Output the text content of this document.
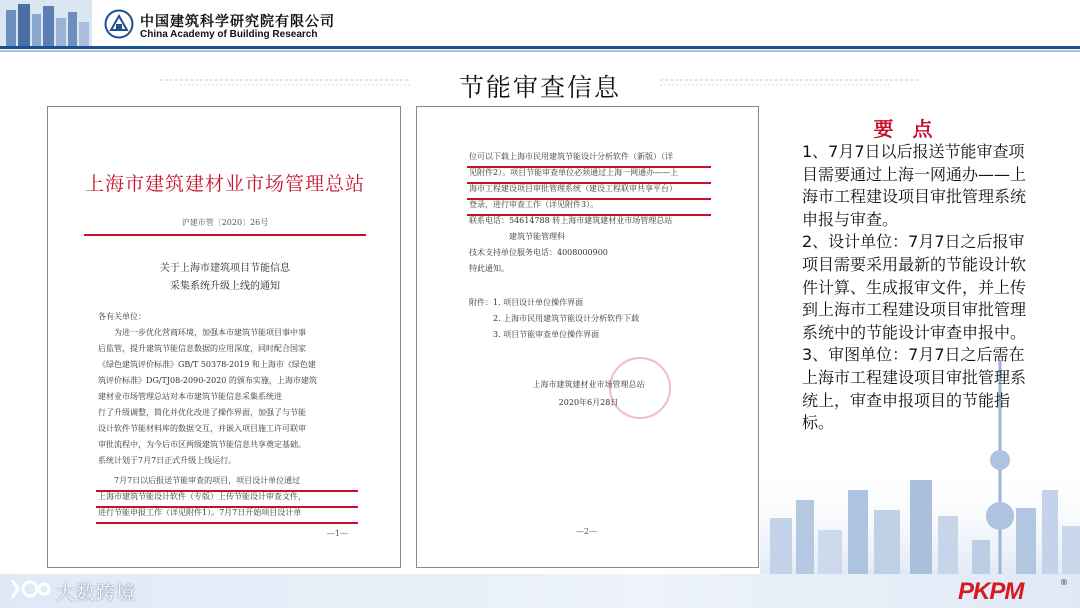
中国建筑科学研究院有限公司
China Academy of Building Research
节能审查信息
上海市建筑建材业市场管理总站
沪建市管〔2020〕26号
关于上海市建筑项目节能信息
采集系统升级上线的通知
各有关单位：
　　为进一步优化营商环境，加强本市建筑节能项目事中事
后监管，提升建筑节能信息数据的应用深度，同时配合国家
《绿色建筑评价标准》GB/T 50378-2019 和上海市《绿色建
筑评价标准》DG/TJ08-2090-2020 的颁布实施，上海市建筑
建材业市场管理总站对本市建筑节能信息采集系统进
行了升级调整，简化并优化改进了操作界面，加强了与节能
设计软件节能材料库的数据交互，并嵌入项目施工许可联审
审批流程中，为今后市区两级建筑节能信息共享奠定基础。
系统计划于7月7日正式升级上线运行。
　　7月7日以后报送节能审查的项目，项目设计单位通过
上海市建筑节能设计软件（专版）上传节能设计审查文件，
进行节能申报工作（详见附件1）。7月7日开始项目设计单
—1—
位可以下载上海市民用建筑节能设计分析软件（新版）（详
见附件2）。项目节能审查单位必须通过上海一网通办——上
海市工程建设项目审批管理系统（建设工程联审共享平台）
登录，进行审查工作（详见附件3）。
联系电话：54614788 转上海市建筑建材业市场管理总站
　　　　　建筑节能管理科
技术支持单位服务电话：4008000900
特此通知。
附件：1. 项目设计单位操作界面
　　　2. 上海市民用建筑节能设计分析软件下载
　　　3. 项目节能审查单位操作界面
上海市建筑建材业市场管理总站
2020年6月28日
—2—
要 点

1、7月7日以后报送节能审查项目需要通过上海一网通办——上海市工程建设项目审批管理系统申报与审查。

2、设计单位：7月7日之后报审项目需要采用最新的节能设计软件计算、生成报审文件，并上传到上海市工程建设项目审批管理系统中的节能设计审查申报中。

3、审图单位：7月7日之后需在上海市工程建设项目审批管理系统上，审查申报项目的节能指标。

大数跨境	PKPM	®
